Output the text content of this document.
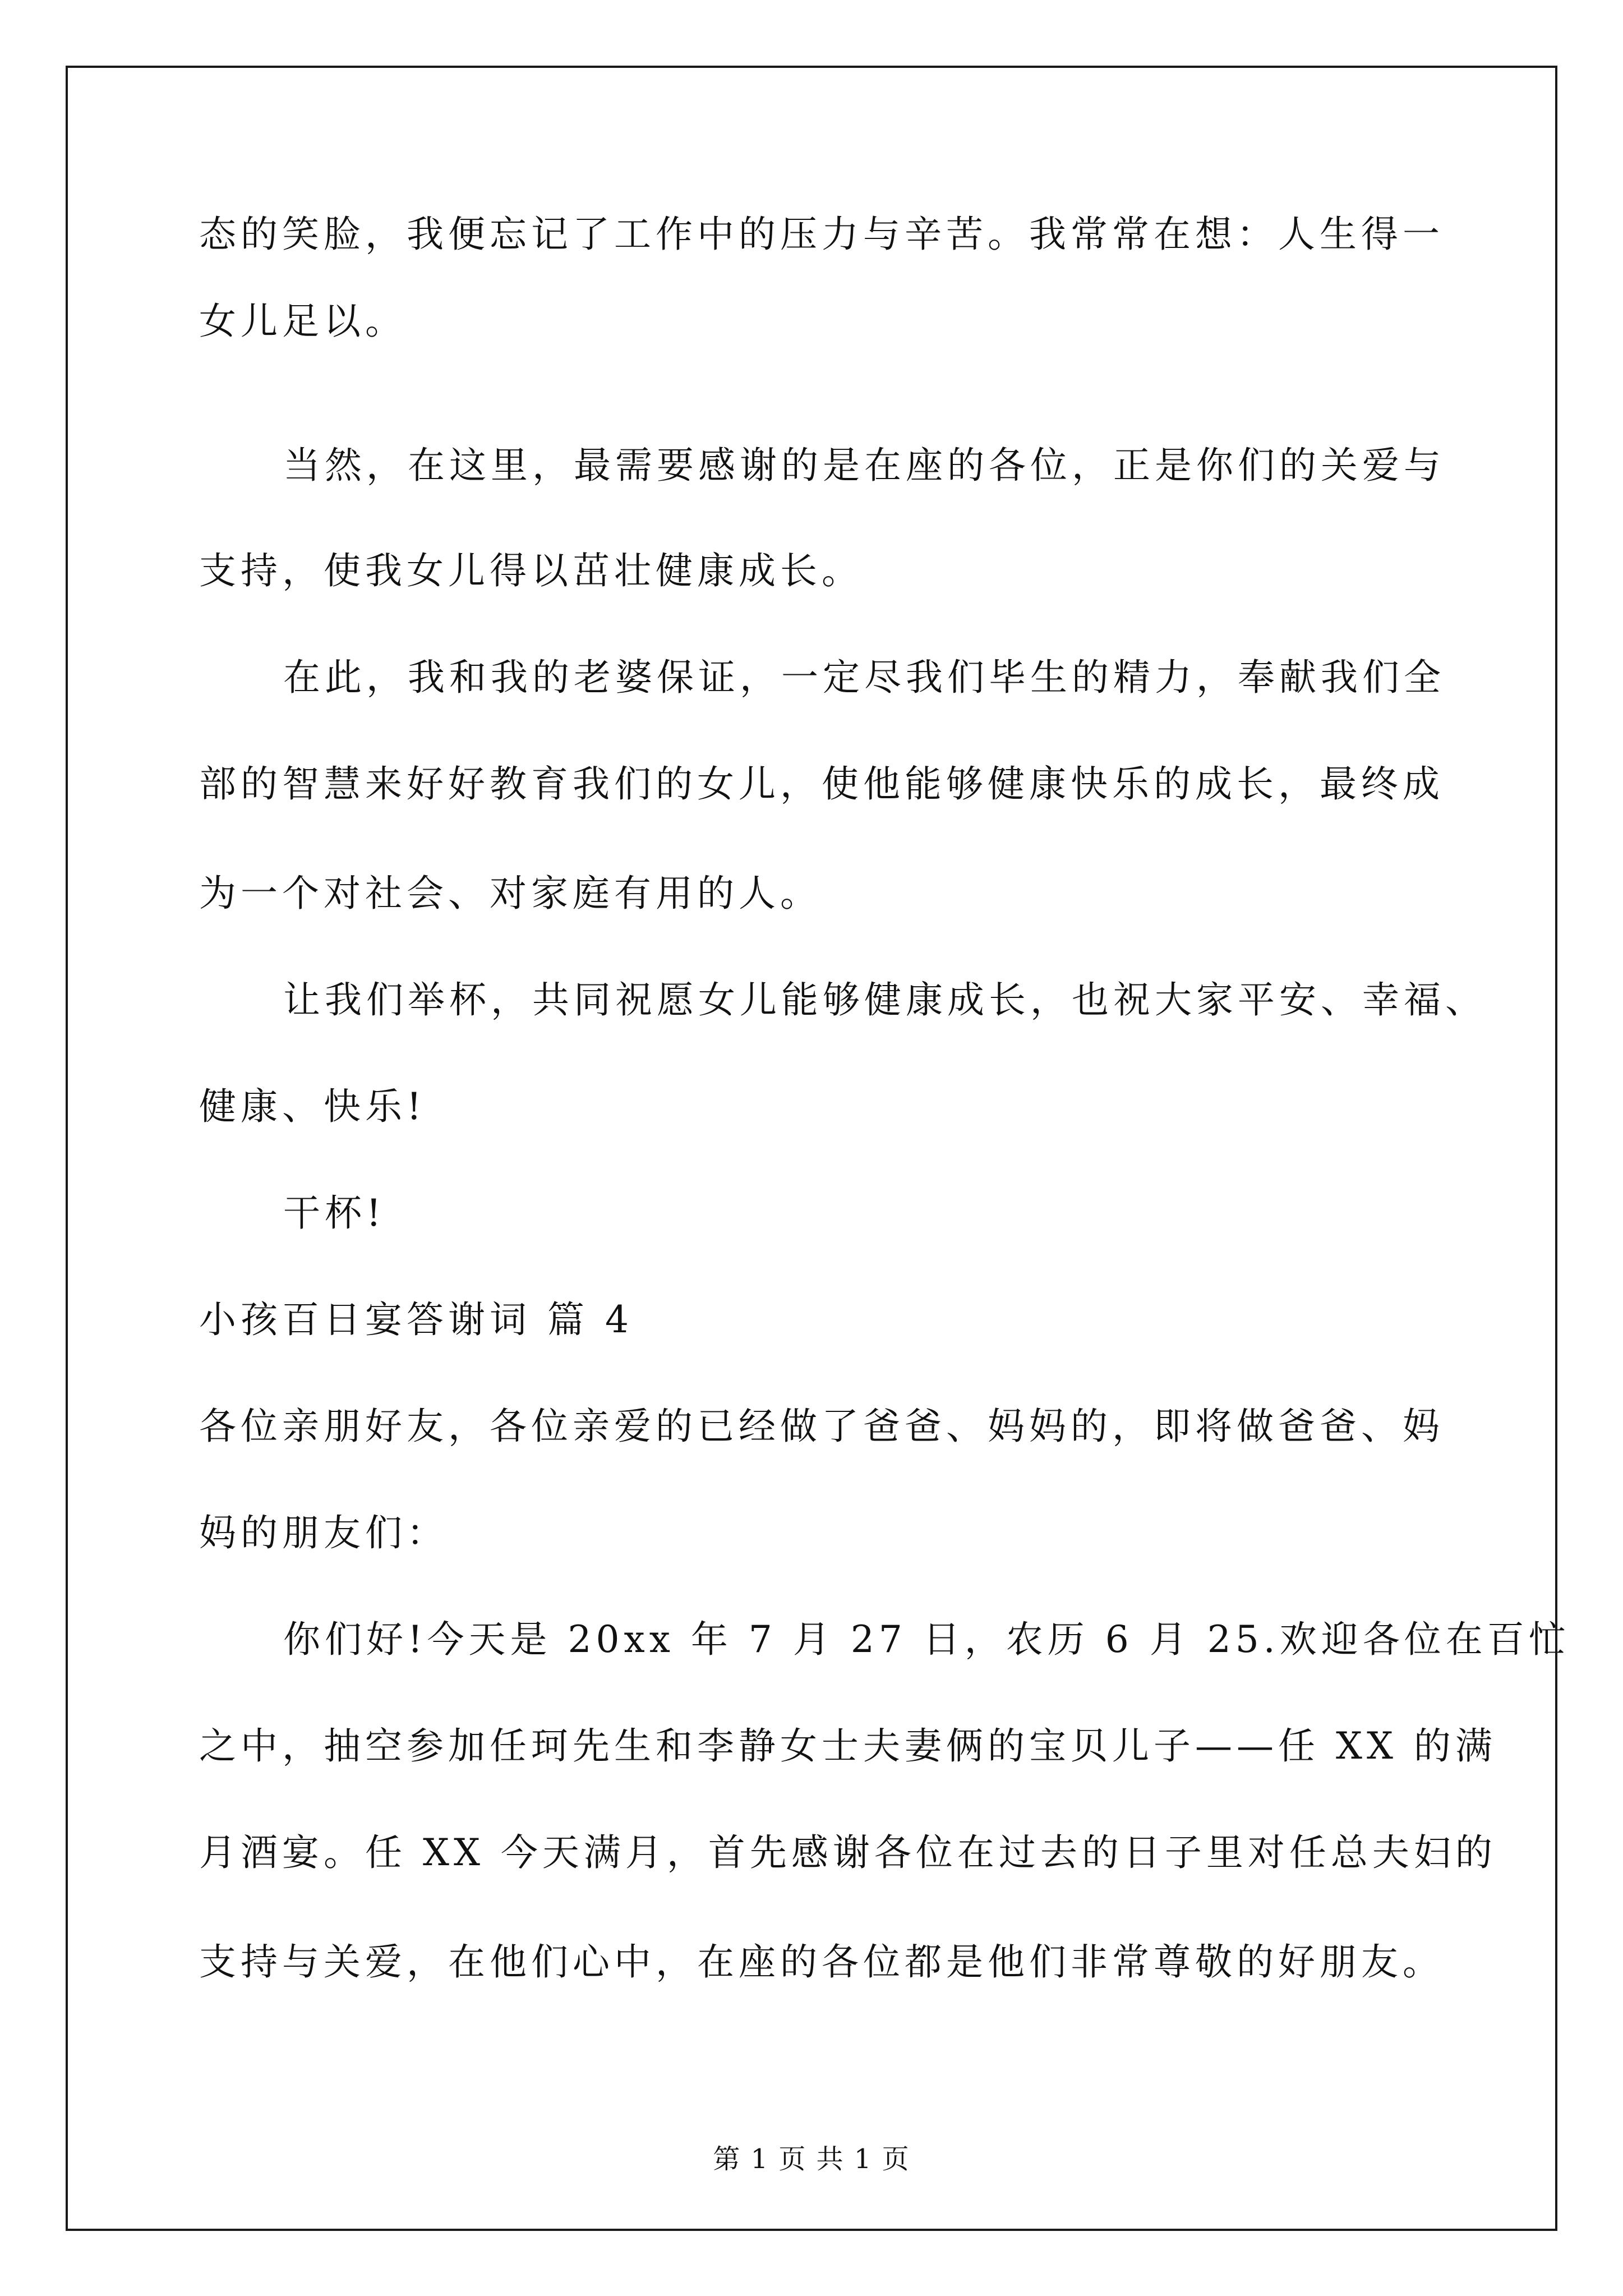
态的笑脸，我便忘记了工作中的压力与辛苦。我常常在想：人生得一
女儿足以。
当然，在这里，最需要感谢的是在座的各位，正是你们的关爱与
支持，使我女儿得以茁壮健康成长。
在此，我和我的老婆保证，一定尽我们毕生的精力，奉献我们全
部的智慧来好好教育我们的女儿，使他能够健康快乐的成长，最终成
为一个对社会、对家庭有用的人。
让我们举杯，共同祝愿女儿能够健康成长，也祝大家平安、幸福、
健康、快乐!
干杯!
小孩百日宴答谢词 篇 4
各位亲朋好友，各位亲爱的已经做了爸爸、妈妈的，即将做爸爸、妈
妈的朋友们：
你们好!今天是 20xx 年 7 月 27 日，农历 6 月 25.欢迎各位在百忙
之中，抽空参加任珂先生和李静女士夫妻俩的宝贝儿子——任 XX 的满
月酒宴。任 XX 今天满月，首先感谢各位在过去的日子里对任总夫妇的
支持与关爱，在他们心中，在座的各位都是他们非常尊敬的好朋友。
第 1 页 共 1 页
